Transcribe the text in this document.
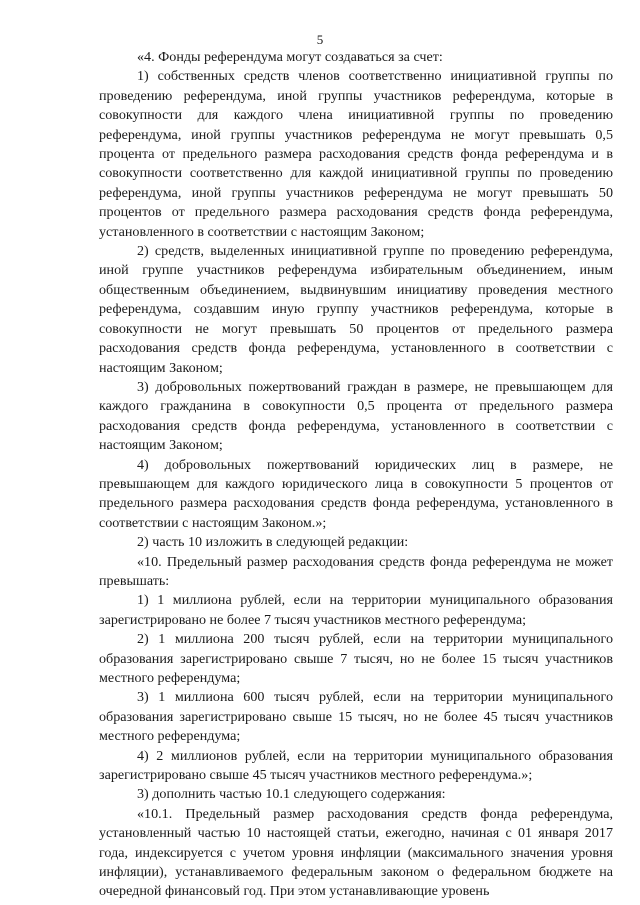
5

«4. Фонды референдума могут создаваться за счет:

1) собственных средств членов соответственно инициативной группы по проведению референдума, иной группы участников референдума, которые в совокупности для каждого члена инициативной группы по проведению референдума, иной группы участников референдума не могут превышать 0,5 процента от предельного размера расходования средств фонда референдума и в совокупности соответственно для каждой инициативной группы по проведению референдума, иной группы участников референдума не могут превышать 50 процентов от предельного размера расходования средств фонда референдума, установленного в соответствии с настоящим Законом;

2) средств, выделенных инициативной группе по проведению референдума, иной группе участников референдума избирательным объединением, иным общественным объединением, выдвинувшим инициативу проведения местного референдума, создавшим иную группу участников референдума, которые в совокупности не могут превышать 50 процентов от предельного размера расходования средств фонда референдума, установленного в соответствии с настоящим Законом;

3) добровольных пожертвований граждан в размере, не превышающем для каждого гражданина в совокупности 0,5 процента от предельного размера расходования средств фонда референдума, установленного в соответствии с настоящим Законом;

4) добровольных пожертвований юридических лиц в размере, не превышающем для каждого юридического лица в совокупности 5 процентов от предельного размера расходования средств фонда референдума, установленного в соответствии с настоящим Законом.»;

2) часть 10 изложить в следующей редакции:

«10. Предельный размер расходования средств фонда референдума не может превышать:

1) 1 миллиона рублей, если на территории муниципального образования зарегистрировано не более 7 тысяч участников местного референдума;

2) 1 миллиона 200 тысяч рублей, если на территории муниципального образования зарегистрировано свыше 7 тысяч, но не более 15 тысяч участников местного референдума;

3) 1 миллиона 600 тысяч рублей, если на территории муниципального образования зарегистрировано свыше 15 тысяч, но не более 45 тысяч участников местного референдума;

4) 2 миллионов рублей, если на территории муниципального образования зарегистрировано свыше 45 тысяч участников местного референдума.»;

3) дополнить частью 10.1 следующего содержания:

«10.1. Предельный размер расходования средств фонда референдума, установленный частью 10 настоящей статьи, ежегодно, начиная с 01 января 2017 года, индексируется с учетом уровня инфляции (максимального значения уровня инфляции), устанавливаемого федеральным законом о федеральном бюджете на очередной финансовый год. При этом устанавливающие уровень
